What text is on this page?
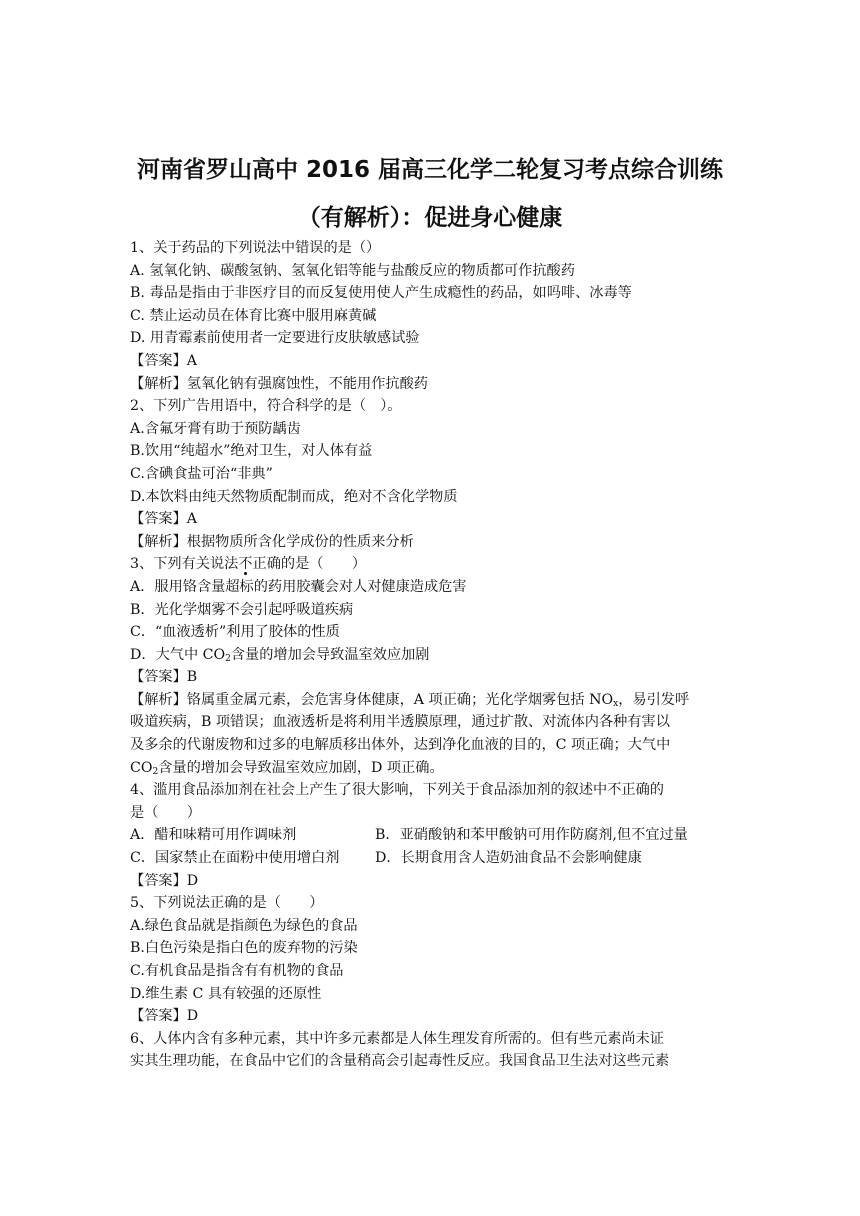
河南省罗山高中 2016 届高三化学二轮复习考点综合训练（有解析）：促进身心健康
1、关于药品的下列说法中错误的是（）
A. 氢氧化钠、碳酸氢钠、氢氧化铝等能与盐酸反应的物质都可作抗酸药
B. 毒品是指由于非医疗目的而反复使用使人产生成瘾性的药品，如吗啡、冰毒等
C. 禁止运动员在体育比赛中服用麻黄碱
D. 用青霉素前使用者一定要进行皮肤敏感试验
【答案】A
【解析】氢氧化钠有强腐蚀性，不能用作抗酸药
2、下列广告用语中，符合科学的是（　）。
A.含氟牙膏有助于预防龋齿
B.饮用“纯超水”绝对卫生，对人体有益
C.含碘食盐可治“非典”
D.本饮料由纯天然物质配制而成，绝对不含化学物质
【答案】A
【解析】根据物质所含化学成份的性质来分析
3、下列有关说法不正确的是（　　）
A．服用铬含量超标的药用胶囊会对人对健康造成危害
B．光化学烟雾不会引起呼吸道疾病
C．“血液透析”利用了胶体的性质
D．大气中 $CO_2$含量的增加会导致温室效应加剧
【答案】B
【解析】铬属重金属元素，会危害身体健康，A 项正确；光化学烟雾包括 $NO_x$，易引发呼
吸道疾病，B 项错误；血液透析是将利用半透膜原理，通过扩散、对流体内各种有害以
及多余的代谢废物和过多的电解质移出体外，达到净化血液的目的，C 项正确；大气中
$CO_2$含量的增加会导致温室效应加剧，D 项正确。
4、滥用食品添加剂在社会上产生了很大影响，下列关于食品添加剂的叙述中不正确的
是（　　）
A．醋和味精可用作调味剂	B．亚硝酸钠和苯甲酸钠可用作防腐剂,但不宜过量
C．国家禁止在面粉中使用增白剂	D．长期食用含人造奶油食品不会影响健康
【答案】D
5、下列说法正确的是（　　）
A.绿色食品就是指颜色为绿色的食品
B.白色污染是指白色的废弃物的污染
C.有机食品是指含有有机物的食品
D.维生素 C 具有较强的还原性
【答案】D
6、人体内含有多种元素，其中许多元素都是人体生理发育所需的。但有些元素尚未证
实其生理功能，在食品中它们的含量稍高会引起毒性反应。我国食品卫生法对这些元素
